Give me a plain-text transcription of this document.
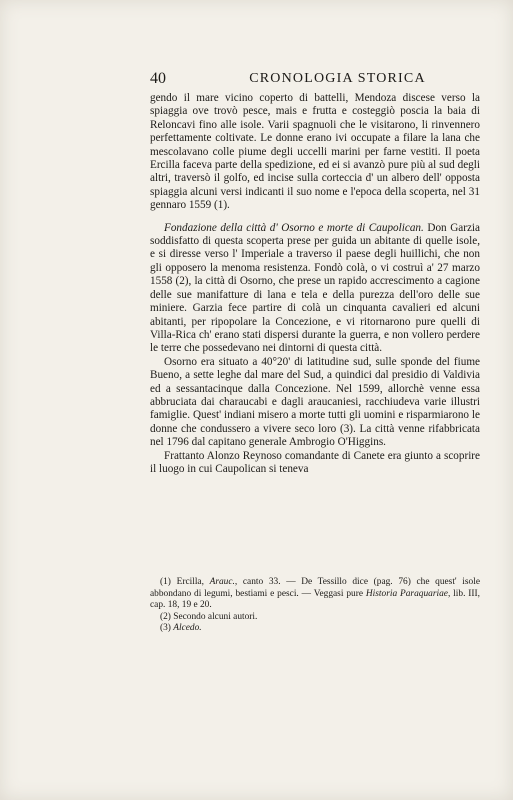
40	CRONOLOGIA STORICA

gendo il mare vicino coperto di battelli, Mendoza discese verso la spiaggia ove trovò pesce, mais e frutta e costeggiò poscia la baia di Reloncavi fino alle isole. Varii spagnuoli che le visitarono, li rinvennero perfettamente coltivate. Le donne erano ivi occupate a filare la lana che mescolavano colle piume degli uccelli marini per farne vestiti. Il poeta Ercilla faceva parte della spedizione, ed ei si avanzò pure più al sud degli altri, traversò il golfo, ed incise sulla corteccia d' un albero dell' opposta spiaggia alcuni versi indicanti il suo nome e l'epoca della scoperta, nel 31 gennaro 1559 (1).

Fondazione della città d' Osorno e morte di Caupolican. Don Garzia soddisfatto di questa scoperta prese per guida un abitante di quelle isole, e si diresse verso l' Imperiale a traverso il paese degli huillichi, che non gli opposero la menoma resistenza. Fondò colà, o vi costruì a' 27 marzo 1558 (2), la città di Osorno, che prese un rapido accrescimento a cagione delle sue manifatture di lana e tela e della purezza dell'oro delle sue miniere. Garzia fece partire di colà un cinquanta cavalieri ed alcuni abitanti, per ripopolare la Concezione, e vi ritornarono pure quelli di Villa-Rica ch' erano stati dispersi durante la guerra, e non vollero perdere le terre che possedevano nei dintorni di questa città.

Osorno era situato a 40°20' di latitudine sud, sulle sponde del fiume Bueno, a sette leghe dal mare del Sud, a quindici dal presidio di Valdivia ed a sessantacinque dalla Concezione. Nel 1599, allorchè venne essa abbruciata dai charaucabi e dagli araucaniesi, racchiudeva varie illustri famiglie. Quest' indiani misero a morte tutti gli uomini e risparmiarono le donne che condussero a vivere seco loro (3). La città venne rifabbricata nel 1796 dal capitano generale Ambrogio O'Higgins.

Frattanto Alonzo Reynoso comandante di Canete era giunto a scoprire il luogo in cui Caupolican si teneva

(1) Ercilla, Arauc., canto 33. — De Tessillo dice (pag. 76) che quest' isole abbondano di legumi, bestiami e pesci. — Veggasi pure Historia Paraquariae, lib. III, cap. 18, 19 e 20.

(2) Secondo alcuni autori.

(3) Alcedo.
